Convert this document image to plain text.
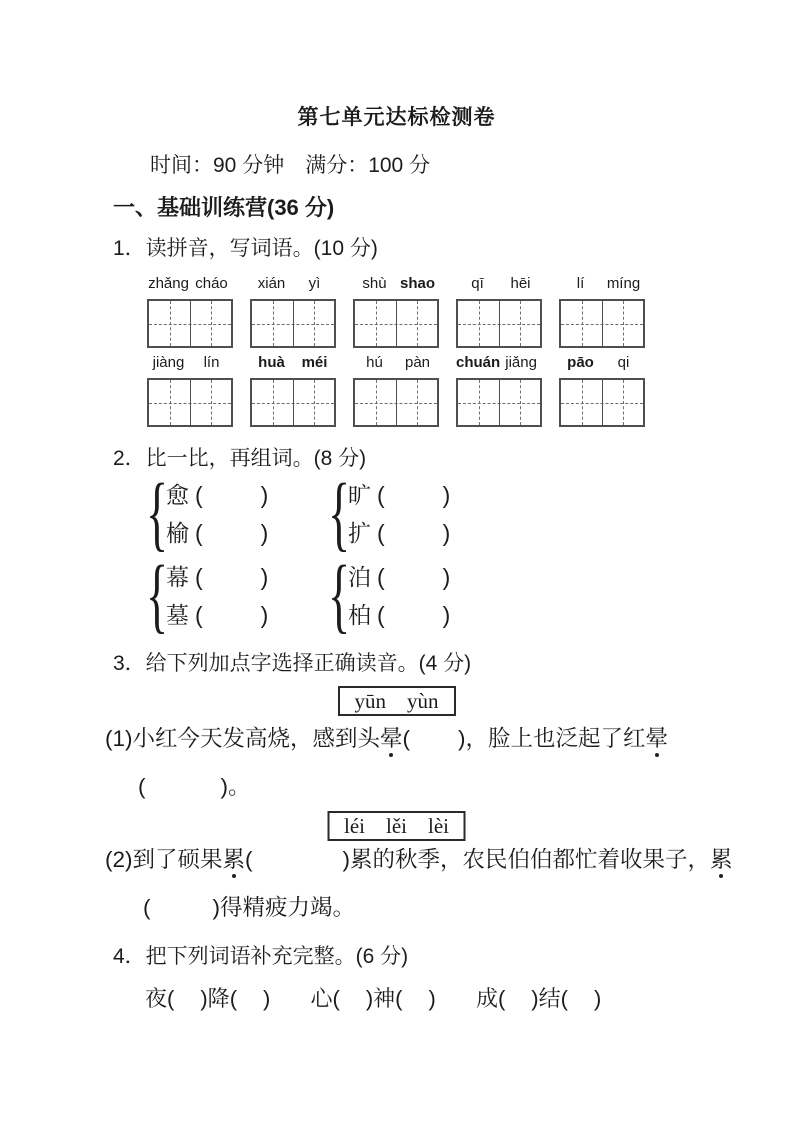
第七单元达标检测卷
时间：90 分钟　满分：100 分
一、基础训练营(36 分)
1．读拼音，写词语。(10 分)
zhǎng cháo	xián	yì	shù shao	qī	hēi	lí	míng
jiàng	lín	huà	méi	hú	pàn	chuán jiǎng	pāo	qi
2．比一比，再组词。(8 分)
{
愈 (	)
榆 (	) {
旷 (	)
扩 (	)
{
幕 (	)
墓 (	) {
泊 (	)
柏 (	)
3．给下列加点字选择正确读音。(4 分)
yūn　yùn
(1)小红今天发高烧，感到头晕( )，脸上也泛起了红晕
(	)。
léi　lěi　lèi
(2)到了硕果累(	)累的秋季，农民伯伯都忙着收果子，累
(	)得精疲力竭。
4．把下列词语补充完整。(6 分)
夜( )降( ) 心( )神( ) 成( )结( )
